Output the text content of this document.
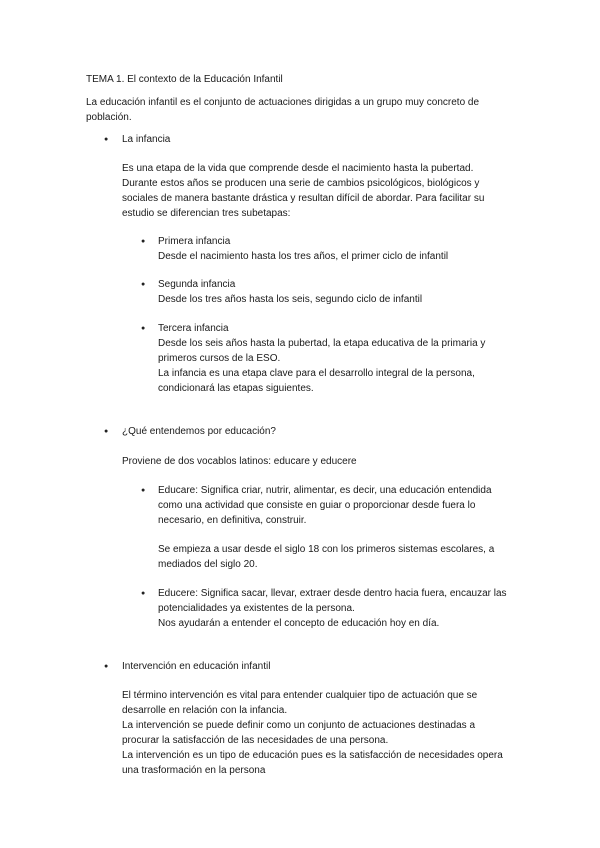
TEMA 1. El contexto de la Educación Infantil
La educación infantil es el conjunto de actuaciones dirigidas a un grupo muy concreto de
población.
● La infancia
Es una etapa de la vida que comprende desde el nacimiento hasta la pubertad.
Durante estos años se producen una serie de cambios psicológicos, biológicos y
sociales de manera bastante drástica y resultan difícil de abordar. Para facilitar su
estudio se diferencian tres subetapas:
● Primera infancia
Desde el nacimiento hasta los tres años, el primer ciclo de infantil
● Segunda infancia
Desde los tres años hasta los seis, segundo ciclo de infantil
● Tercera infancia
Desde los seis años hasta la pubertad, la etapa educativa de la primaria y
primeros cursos de la ESO.
La infancia es una etapa clave para el desarrollo integral de la persona,
condicionará las etapas siguientes.
● ¿Qué entendemos por educación?
Proviene de dos vocablos latinos: educare y educere
● Educare: Significa criar, nutrir, alimentar, es decir, una educación entendida
como una actividad que consiste en guiar o proporcionar desde fuera lo
necesario, en definitiva, construir.
Se empieza a usar desde el siglo 18 con los primeros sistemas escolares, a
mediados del siglo 20.
● Educere: Significa sacar, llevar, extraer desde dentro hacia fuera, encauzar las
potencialidades ya existentes de la persona.
Nos ayudarán a entender el concepto de educación hoy en día.
● Intervención en educación infantil
El término intervención es vital para entender cualquier tipo de actuación que se
desarrolle en relación con la infancia.
La intervención se puede definir como un conjunto de actuaciones destinadas a
procurar la satisfacción de las necesidades de una persona.
La intervención es un tipo de educación pues es la satisfacción de necesidades opera
una trasformación en la persona
